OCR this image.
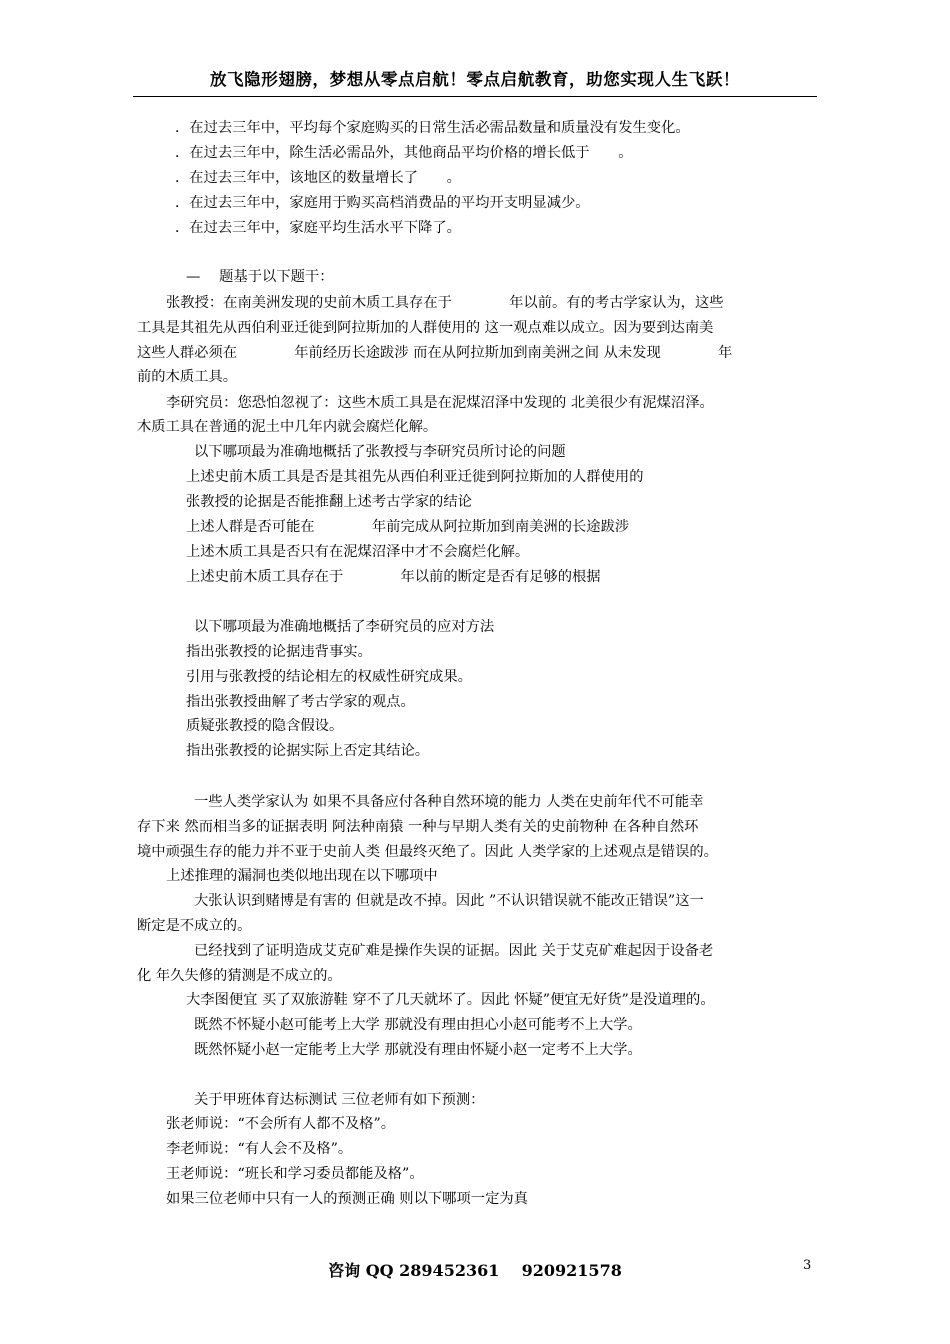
放飞隐形翅膀，梦想从零点启航！零点启航教育，助您实现人生飞跃！
．在过去三年中，平均每个家庭购买的日常生活必需品数量和质量没有发生变化。
．在过去三年中，除生活必需品外，其他商品平均价格的增长低于　　。
．在过去三年中，该地区的数量增长了　　。
．在过去三年中，家庭用于购买高档消费品的平均开支明显减少。
．在过去三年中，家庭平均生活水平下降了。
—　 题基于以下题干：
张教授：在南美洲发现的史前木质工具存在于　　　　年以前。有的考古学家认为，这些
工具是其祖先从西伯利亚迁徙到阿拉斯加的人群使用的 这一观点难以成立。因为要到达南美
这些人群必须在　　　　年前经历长途跋涉 而在从阿拉斯加到南美洲之间 从未发现　　　　年
前的木质工具。
李研究员：您恐怕忽视了：这些木质工具是在泥煤沼泽中发现的 北美很少有泥煤沼泽。
木质工具在普通的泥土中几年内就会腐烂化解。
以下哪项最为准确地概括了张教授与李研究员所讨论的问题
上述史前木质工具是否是其祖先从西伯利亚迁徙到阿拉斯加的人群使用的
张教授的论据是否能推翻上述考古学家的结论
上述人群是否可能在　　　　年前完成从阿拉斯加到南美洲的长途跋涉
上述木质工具是否只有在泥煤沼泽中才不会腐烂化解。
上述史前木质工具存在于　　　　年以前的断定是否有足够的根据
以下哪项最为准确地概括了李研究员的应对方法
指出张教授的论据违背事实。
引用与张教授的结论相左的权威性研究成果。
指出张教授曲解了考古学家的观点。
质疑张教授的隐含假设。
指出张教授的论据实际上否定其结论。
一些人类学家认为 如果不具备应付各种自然环境的能力 人类在史前年代不可能幸
存下来 然而相当多的证据表明 阿法种南猿 一种与早期人类有关的史前物种 在各种自然环
境中顽强生存的能力并不亚于史前人类 但最终灭绝了。因此 人类学家的上述观点是错误的。
上述推理的漏洞也类似地出现在以下哪项中
大张认识到赌博是有害的 但就是改不掉。因此 ”不认识错误就不能改正错误”这一
断定是不成立的。
已经找到了证明造成艾克矿难是操作失误的证据。因此 关于艾克矿难起因于设备老
化 年久失修的猜测是不成立的。
大李图便宜 买了双旅游鞋 穿不了几天就坏了。因此 怀疑”便宜无好货”是没道理的。
既然不怀疑小赵可能考上大学 那就没有理由担心小赵可能考不上大学。
既然怀疑小赵一定能考上大学 那就没有理由怀疑小赵一定考不上大学。
关于甲班体育达标测试 三位老师有如下预测：
张老师说：“不会所有人都不及格”。
李老师说：“有人会不及格”。
王老师说：“班长和学习委员都能及格”。
如果三位老师中只有一人的预测正确 则以下哪项一定为真
咨询 QQ 289452361    920921578	3
